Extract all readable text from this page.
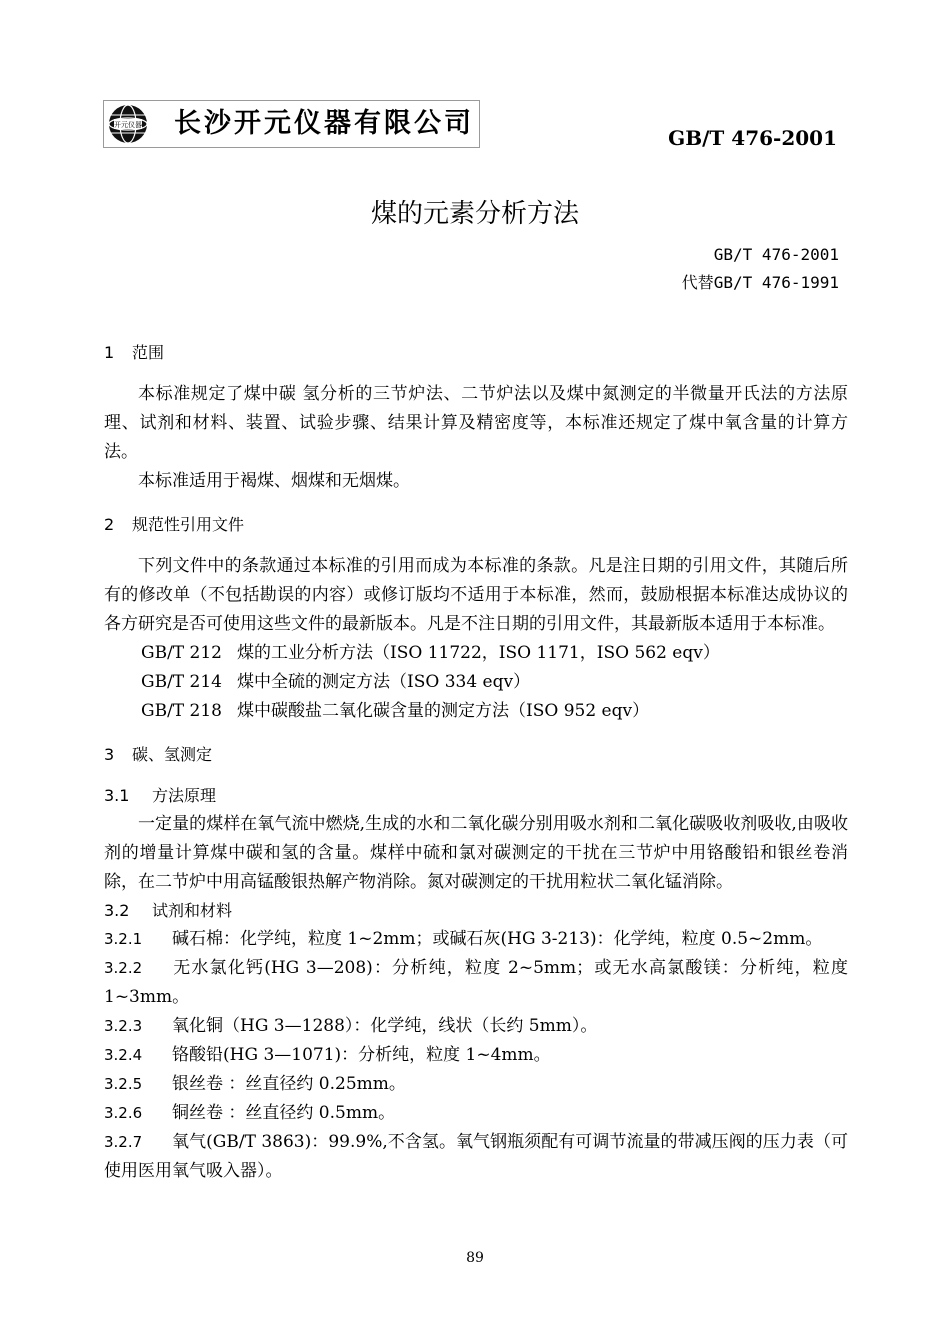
开元仪器 长沙开元仪器有限公司	GB/T 476-2001
煤的元素分析方法
GB/T 476-2001
代替GB/T 476-1991
1 范围
本标准规定了煤中碳 氢分析的三节炉法、二节炉法以及煤中氮测定的半微量开氏法的方法原理、试剂和材料、装置、试验步骤、结果计算及精密度等，本标准还规定了煤中氧含量的计算方法。
本标准适用于褐煤、烟煤和无烟煤。
2 规范性引用文件
下列文件中的条款通过本标准的引用而成为本标准的条款。凡是注日期的引用文件，其随后所有的修改单（不包括勘误的内容）或修订版均不适用于本标准，然而，鼓励根据本标准达成协议的各方研究是否可使用这些文件的最新版本。凡是不注日期的引用文件，其最新版本适用于本标准。
GB/T 212 煤的工业分析方法（ISO 11722，ISO 1171，ISO 562 eqv）
GB/T 214 煤中全硫的测定方法（ISO 334 eqv）
GB/T 218 煤中碳酸盐二氧化碳含量的测定方法（ISO 952 eqv）
3 碳、氢测定
3.1 方法原理
一定量的煤样在氧气流中燃烧,生成的水和二氧化碳分别用吸水剂和二氧化碳吸收剂吸收,由吸收剂的增量计算煤中碳和氢的含量。煤样中硫和氯对碳测定的干扰在三节炉中用铬酸铅和银丝卷消除，在二节炉中用高锰酸银热解产物消除。氮对碳测定的干扰用粒状二氧化锰消除。
3.2 试剂和材料
3.2.1 碱石棉：化学纯，粒度 1~2mm；或碱石灰(HG 3-213)：化学纯，粒度 0.5~2mm。
3.2.2 无水氯化钙(HG 3—208)：分析纯，粒度 2~5mm；或无水高氯酸镁：分析纯，粒度 1~3mm。
3.2.3 氧化铜（HG 3—1288）：化学纯，线状（长约 5mm）。
3.2.4 铬酸铅(HG 3—1071)：分析纯，粒度 1~4mm。
3.2.5 银丝卷 ：丝直径约 0.25mm。
3.2.6 铜丝卷 ：丝直径约 0.5mm。
3.2.7 氧气(GB/T 3863)：99.9%,不含氢。氧气钢瓶须配有可调节流量的带减压阀的压力表（可使用医用氧气吸入器）。
89
